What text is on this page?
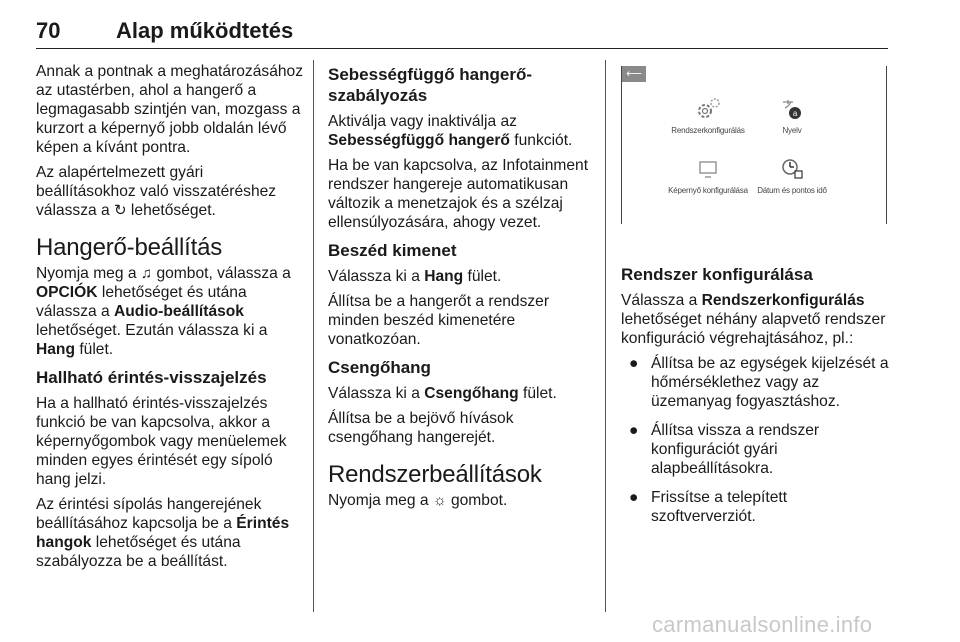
70	Alap működtetés

Annak a pontnak a meghatározásához az utastérben, ahol a hangerő a legmagasabb szintjén van, mozgass a kurzort a képernyő jobb oldalán lévő képen a kívánt pontra.

Az alapértelmezett gyári beállításokhoz való visszatéréshez válassza a ↻ lehetőséget.

Hangerő-beállítás

Nyomja meg a ♫ gombot, válassza a OPCIÓK lehetőséget és utána válassza a Audio-beállítások lehetőséget. Ezután válassza ki a Hang fület.

Hallható érintés-visszajelzés

Ha a hallható érintés-visszajelzés funkció be van kapcsolva, akkor a képernyőgombok vagy menüelemek minden egyes érintését egy sípoló hang jelzi.

Az érintési sípolás hangerejének beállításához kapcsolja be a Érintés hangok lehetőséget és utána szabályozza be a beállítást.

Sebességfüggő hangerő-szabályozás

Aktiválja vagy inaktiválja az Sebességfüggő hangerő funkciót.

Ha be van kapcsolva, az Infotainment rendszer hangereje automatikusan változik a menetzajok és a szélzaj ellensúlyozására, ahogy vezet.

Beszéd kimenet

Válassza ki a Hang fület.

Állítsa be a hangerőt a rendszer minden beszéd kimenetére vonatkozóan.

Csengőhang

Válassza ki a Csengőhang fület.

Állítsa be a bejövő hívások csengőhang hangerejét.

Rendszerbeállítások

Nyomja meg a ☼ gombot.

⟵
Rendszerkonfigurálás
a
Nyelv
Képernyő konfigurálása	Dátum és pontos idő
Rendszer konfigurálása

Válassza a Rendszerkonfigurálás lehetőséget néhány alapvető rendszer konfiguráció végrehajtásához, pl.:

● Állítsa be az egységek kijelzését a hőmérséklethez vagy az üzemanyag fogyasztáshoz.
● Állítsa vissza a rendszer konfigurációt gyári alapbeállításokra.
● Frissítse a telepített szoftververziót.
carmanualsonline.info
